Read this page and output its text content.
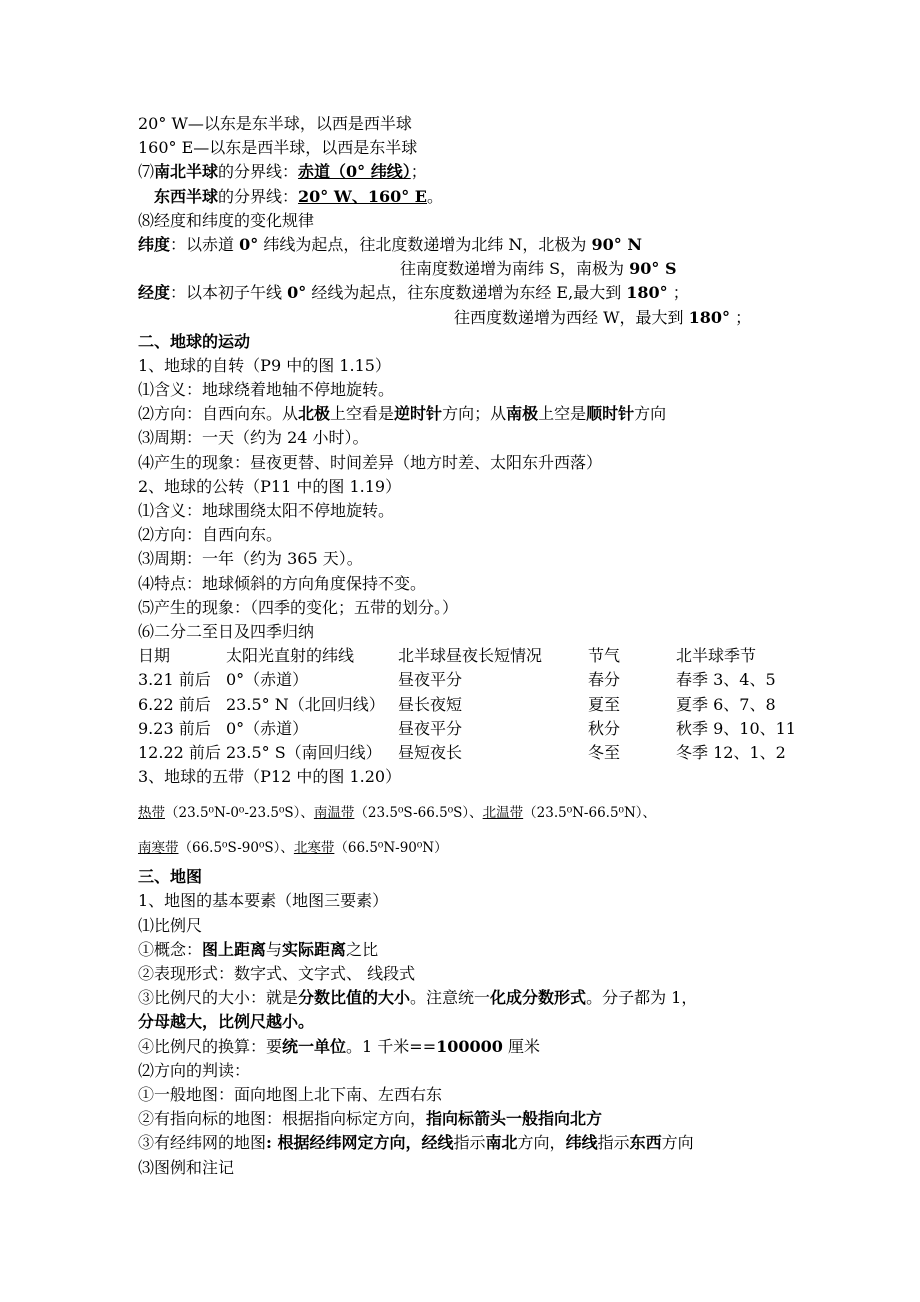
20° W—以东是东半球，以西是西半球
160° E—以东是西半球，以西是东半球
⑺南北半球的分界线：赤道（0° 纬线）；
东西半球的分界线：20° W、160° E。
⑻经度和纬度的变化规律
纬度：以赤道 0° 纬线为起点，往北度数递增为北纬 N，北极为 90° N
往南度数递增为南纬 S，南极为 90° S
经度：以本初子午线 0° 经线为起点，往东度数递增为东经 E,最大到 180° ；
往西度数递增为西经 W，最大到 180° ；
二、地球的运动
1、地球的自转（P9 中的图 1.15）
⑴含义：地球绕着地轴不停地旋转。
⑵方向：自西向东。从北极上空看是逆时针方向；从南极上空是顺时针方向
⑶周期：一天（约为 24 小时）。
⑷产生的现象：昼夜更替、时间差异（地方时差、太阳东升西落）
2、地球的公转（P11 中的图 1.19）
⑴含义：地球围绕太阳不停地旋转。
⑵方向：自西向东。
⑶周期：一年（约为 365 天）。
⑷特点：地球倾斜的方向角度保持不变。
⑸产生的现象：（四季的变化；五带的划分。）
⑹二分二至日及四季归纳
日期	太阳光直射的纬线	北半球昼夜长短情况	节气	北半球季节
3.21 前后 0°（赤道）	昼夜平分	春分	春季 3、4、5
6.22 前后 23.5° N（北回归线） 昼长夜短	夏至	夏季 6、7、8
9.23 前后 0°（赤道）	昼夜平分	秋分	秋季 9、10、11
12.22 前后 23.5° S（南回归线） 昼短夜长	冬至	冬季 12、1、2
3、地球的五带（P12 中的图 1.20）
热带（23.5⁰N-0⁰-23.5⁰S）、南温带（23.5⁰S-66.5⁰S）、北温带（23.5⁰N-66.5⁰N）、
南寒带（66.5⁰S-90⁰S）、北寒带（66.5⁰N-90⁰N）
三、地图
1、地图的基本要素（地图三要素）
⑴比例尺
①概念：图上距离与实际距离之比
②表现形式：数字式、文字式、 线段式
③比例尺的大小：就是分数比值的大小。注意统一化成分数形式。分子都为 1，
分母越大，比例尺越小。
④比例尺的换算：要统一单位。1 千米==100000 厘米
⑵方向的判读：
①一般地图：面向地图上北下南、左西右东
②有指向标的地图：根据指向标定方向，指向标箭头一般指向北方
③有经纬网的地图: 根据经纬网定方向，经线指示南北方向，纬线指示东西方向
⑶图例和注记
